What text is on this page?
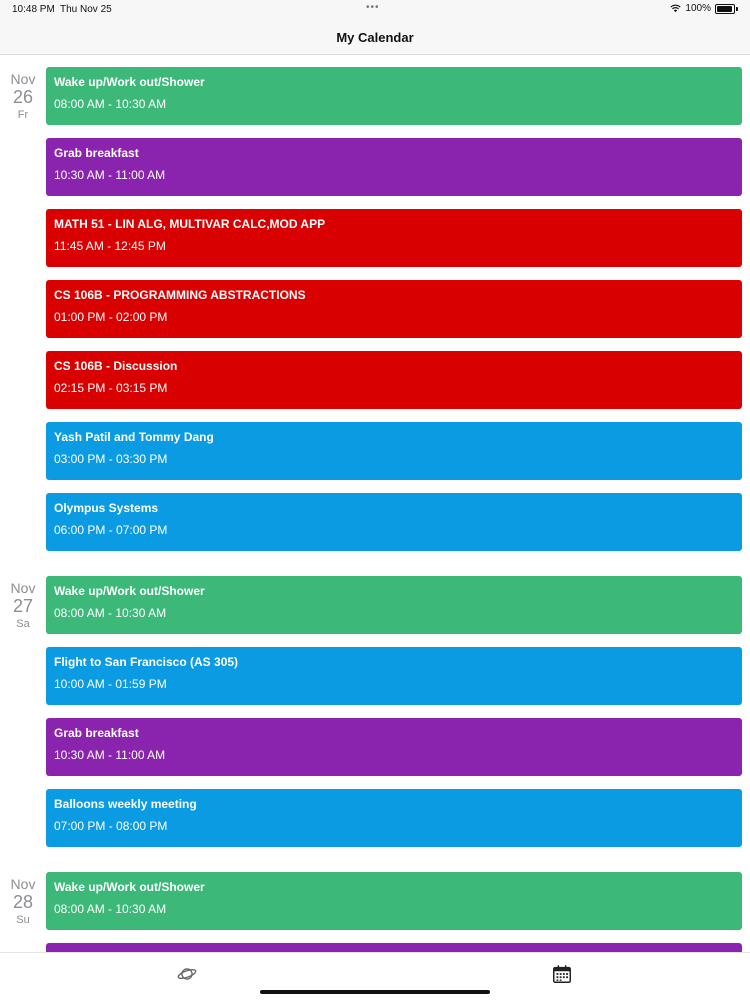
10:48 PM Thu Nov 25	•••	100%
My Calendar
Nov
26
Fr
Wake up/Work out/Shower
08:00 AM - 10:30 AM
Grab breakfast
10:30 AM - 11:00 AM
MATH 51 - LIN ALG, MULTIVAR CALC,MOD APP
11:45 AM - 12:45 PM
CS 106B - PROGRAMMING ABSTRACTIONS
01:00 PM - 02:00 PM
CS 106B - Discussion
02:15 PM - 03:15 PM
Yash Patil and Tommy Dang
03:00 PM - 03:30 PM
Olympus Systems
06:00 PM - 07:00 PM
Nov
27
Sa
Wake up/Work out/Shower
08:00 AM - 10:30 AM
Flight to San Francisco (AS 305)
10:00 AM - 01:59 PM
Grab breakfast
10:30 AM - 11:00 AM
Balloons weekly meeting
07:00 PM - 08:00 PM
Nov
28
Su
Wake up/Work out/Shower
08:00 AM - 10:30 AM
